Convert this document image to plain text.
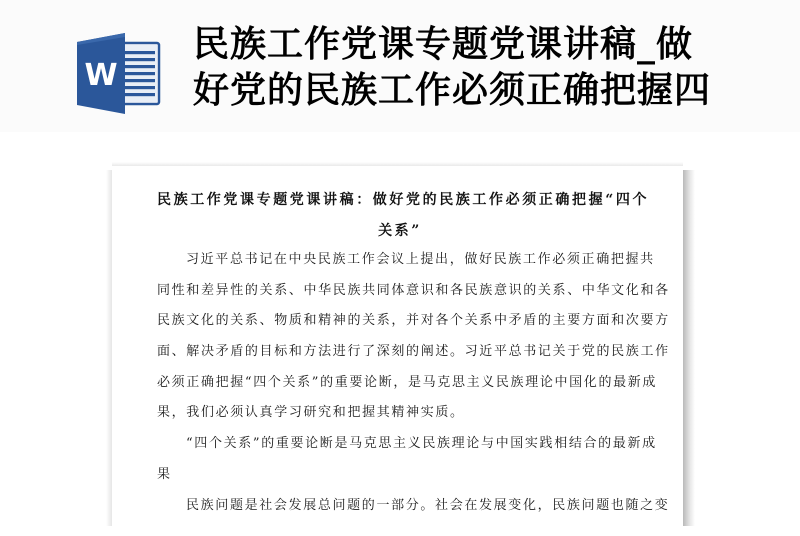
W
民族工作党课专题党课讲稿_做
好党的民族工作必须正确把握四
民族工作党课专题党课讲稿：做好党的民族工作必须正确把握“四个
关系”
习近平总书记在中央民族工作会议上提出，做好民族工作必须正确把握共
同性和差异性的关系、中华民族共同体意识和各民族意识的关系、中华文化和各
民族文化的关系、物质和精神的关系，并对各个关系中矛盾的主要方面和次要方
面、解决矛盾的目标和方法进行了深刻的阐述。习近平总书记关于党的民族工作
必须正确把握“四个关系”的重要论断，是马克思主义民族理论中国化的最新成
果，我们必须认真学习研究和把握其精神实质。
“四个关系”的重要论断是马克思主义民族理论与中国实践相结合的最新成
果
民族问题是社会发展总问题的一部分。社会在发展变化，民族问题也随之变
